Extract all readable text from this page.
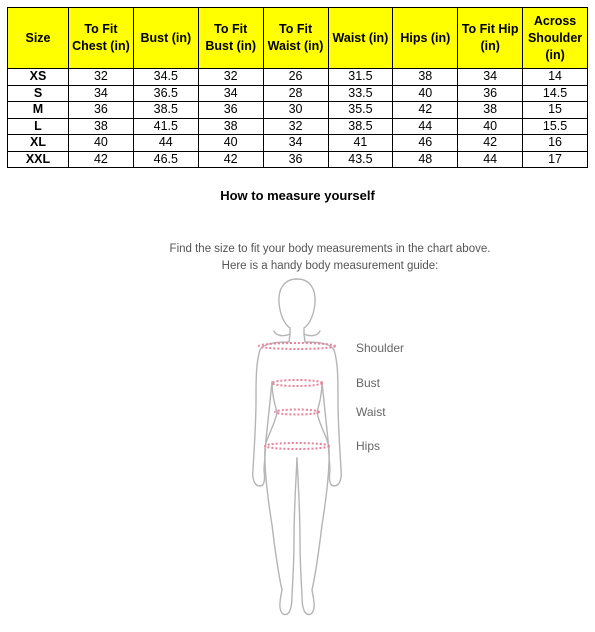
Size	To Fit Chest (in)	Bust (in)	To Fit Bust (in)	To Fit Waist (in)	Waist (in)	Hips (in)	To Fit Hip (in)	Across Shoulder (in)
XS	32	34.5	32	26	31.5	38	34	14
S	34	36.5	34	28	33.5	40	36	14.5
M	36	38.5	36	30	35.5	42	38	15
L	38	41.5	38	32	38.5	44	40	15.5
XL	40	44	40	34	41	46	42	16
XXL	42	46.5	42	36	43.5	48	44	17
How to measure yourself
Find the size to fit your body measurements in the chart above.
Here is a handy body measurement guide:
Shoulder
Bust
Waist
Hips
